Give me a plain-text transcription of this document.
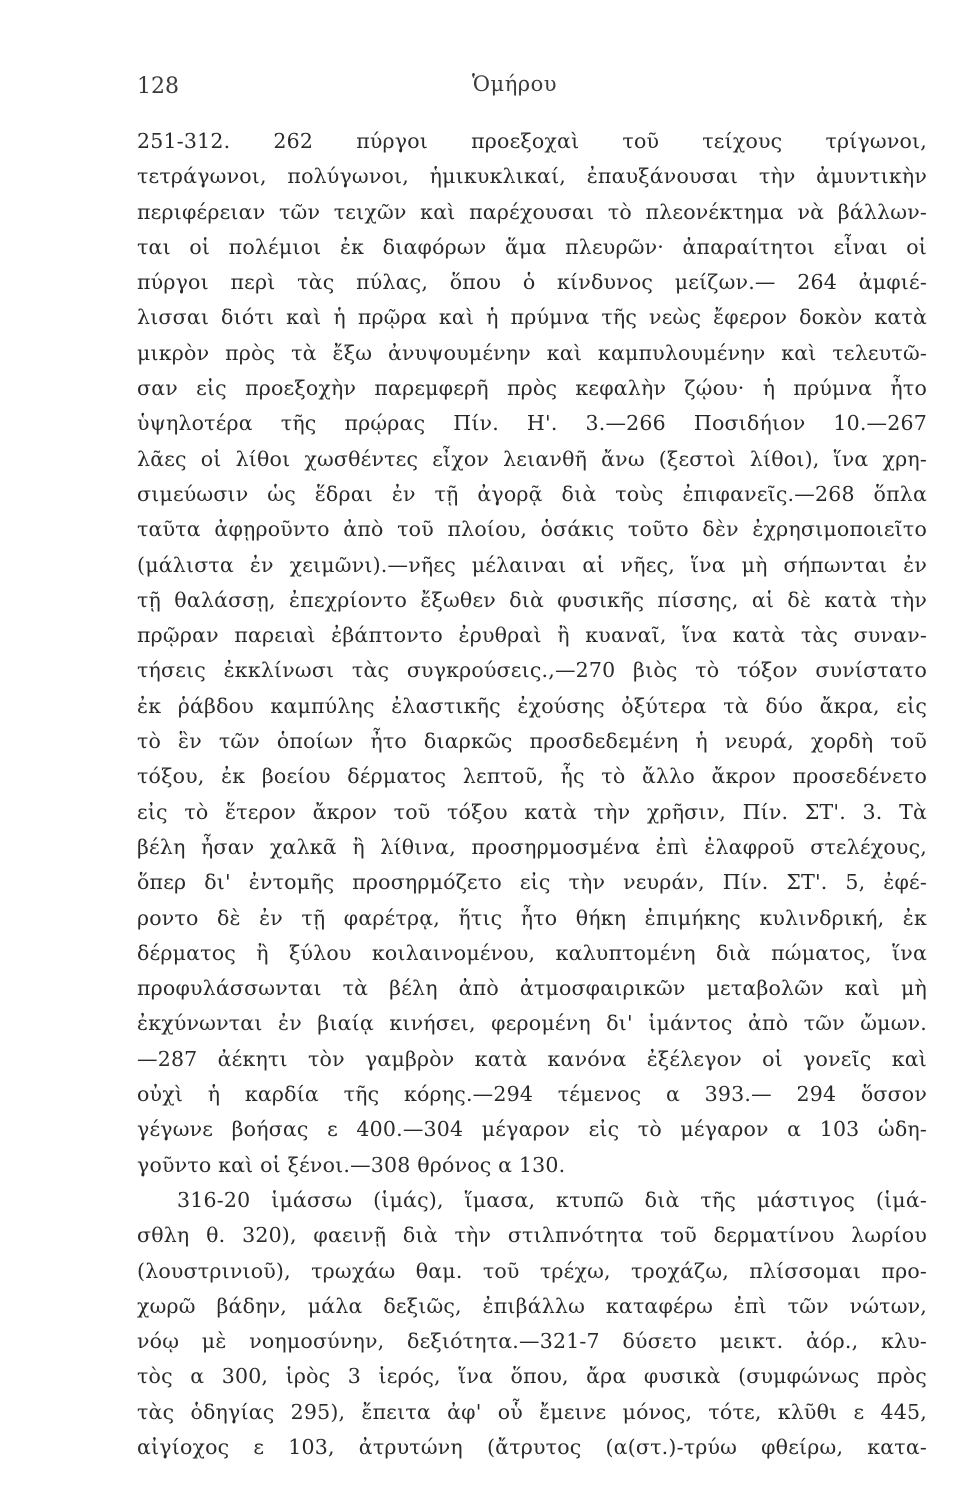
128	Ὁμήρου
251-312. 262 πύργοι προεξοχαὶ τοῦ τείχους τρίγωνοι,
τετράγωνοι, πολύγωνοι, ἡμικυκλικαί, ἐπαυξάνουσαι τὴν ἀμυντικὴν
περιφέρειαν τῶν τειχῶν καὶ παρέχουσαι τὸ πλεονέκτημα νὰ βάλλων-
ται οἱ πολέμιοι ἐκ διαφόρων ἅμα πλευρῶν· ἀπαραίτητοι εἶναι οἱ
πύργοι περὶ τὰς πύλας, ὅπου ὁ κίνδυνος μείζων.— 264 ἀμφιέ-
λισσαι διότι καὶ ἡ πρῷρα καὶ ἡ πρύμνα τῆς νεὼς ἔφερον δοκὸν κατὰ
μικρὸν πρὸς τὰ ἔξω ἀνυψουμένην καὶ καμπυλουμένην καὶ τελευτῶ-
σαν εἰς προεξοχὴν παρεμφερῆ πρὸς κεφαλὴν ζῴου· ἡ πρύμνα ἦτο
ὑψηλοτέρα τῆς πρῴρας Πίν. Η'. 3.—266 Ποσιδήιον 10.—267
λᾶες οἱ λίθοι χωσθέντες εἶχον λειανθῆ ἄνω (ξεστοὶ λίθοι), ἵνα χρη-
σιμεύωσιν ὡς ἕδραι ἐν τῇ ἀγορᾷ διὰ τοὺς ἐπιφανεῖς.—268 ὅπλα
ταῦτα ἀφῃροῦντο ἀπὸ τοῦ πλοίου, ὁσάκις τοῦτο δὲν ἐχρησιμοποιεῖτο
(μάλιστα ἐν χειμῶνι).—νῆες μέλαιναι αἱ νῆες, ἵνα μὴ σήπωνται ἐν
τῇ θαλάσσῃ, ἐπεχρίοντο ἔξωθεν διὰ φυσικῆς πίσσης, αἱ δὲ κατὰ τὴν
πρῷραν παρειαὶ ἐβάπτοντο ἐρυθραὶ ἢ κυαναῖ, ἵνα κατὰ τὰς συναν-
τήσεις ἐκκλίνωσι τὰς συγκρούσεις.,—270 βιὸς τὸ τόξον συνίστατο
ἐκ ῥάβδου καμπύλης ἐλαστικῆς ἐχούσης ὀξύτερα τὰ δύο ἄκρα, εἰς
τὸ ἓν τῶν ὁποίων ἦτο διαρκῶς προσδεδεμένη ἡ νευρά, χορδὴ τοῦ
τόξου, ἐκ βοείου δέρματος λεπτοῦ, ἧς τὸ ἄλλο ἄκρον προσεδένετο
εἰς τὸ ἕτερον ἄκρον τοῦ τόξου κατὰ τὴν χρῆσιν, Πίν. ΣΤ'. 3. Τὰ
βέλη ἦσαν χαλκᾶ ἢ λίθινα, προσηρμοσμένα ἐπὶ ἐλαφροῦ στελέχους,
ὅπερ δι' ἐντομῆς προσηρμόζετο εἰς τὴν νευράν, Πίν. ΣΤ'. 5, ἐφέ-
ροντο δὲ ἐν τῇ φαρέτρᾳ, ἥτις ἦτο θήκη ἐπιμήκης κυλινδρική, ἐκ
δέρματος ἢ ξύλου κοιλαινομένου, καλυπτομένη διὰ πώματος, ἵνα
προφυλάσσωνται τὰ βέλη ἀπὸ ἀτμοσφαιρικῶν μεταβολῶν καὶ μὴ
ἐκχύνωνται ἐν βιαίᾳ κινήσει, φερομένη δι' ἱμάντος ἀπὸ τῶν ὤμων.
—287 ἀέκητι τὸν γαμβρὸν κατὰ κανόνα ἐξέλεγον οἱ γονεῖς καὶ
οὐχὶ ἡ καρδία τῆς κόρης.—294 τέμενος α 393.— 294 ὅσσον
γέγωνε βοήσας ε 400.—304 μέγαρον εἰς τὸ μέγαρον α 103 ὡδη-
γοῦντο καὶ οἱ ξένοι.—308 θρόνος α 130.
316-20 ἱμάσσω (ἱμάς), ἵμασα, κτυπῶ διὰ τῆς μάστιγος (ἱμά-
σθλη θ. 320), φαεινῇ διὰ τὴν στιλπνότητα τοῦ δερματίνου λωρίου
(λουστρινιοῦ), τρωχάω θαμ. τοῦ τρέχω, τροχάζω, πλίσσομαι προ-
χωρῶ βάδην, μάλα δεξιῶς, ἐπιβάλλω καταφέρω ἐπὶ τῶν νώτων,
νόῳ μὲ νοημοσύνην, δεξιότητα.—321-7 δύσετο μεικτ. ἀόρ., κλυ-
τὸς α 300, ἱρὸς 3 ἱερός, ἵνα ὅπου, ἄρα φυσικὰ (συμφώνως πρὸς
τὰς ὁδηγίας 295), ἔπειτα ἀφ' οὗ ἔμεινε μόνος, τότε, κλῦθι ε 445,
αἰγίοχος ε 103, ἀτρυτώνη (ἄτρυτος (α(στ.)-τρύω φθείρω, κατα-
